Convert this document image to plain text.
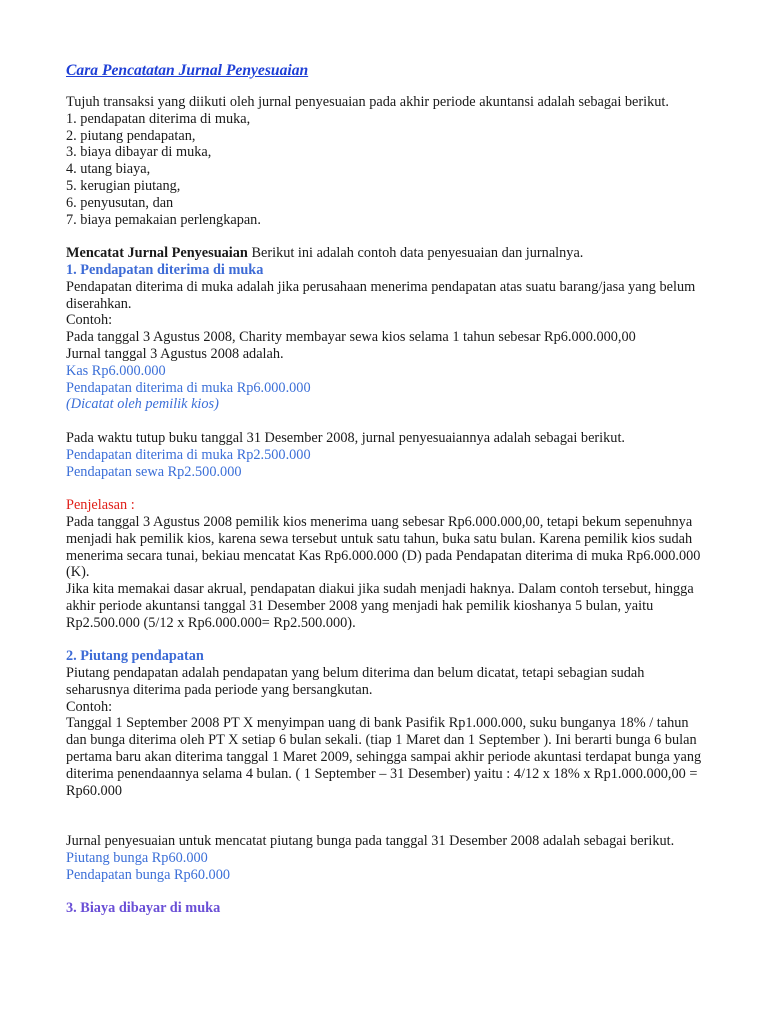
Cara Pencatatan Jurnal Penyesuaian

Tujuh transaksi yang diikuti oleh jurnal penyesuaian pada akhir periode akuntansi adalah sebagai berikut.

1. pendapatan diterima di muka,
2. piutang pendapatan,
3. biaya dibayar di muka,
4. utang biaya,
5. kerugian piutang,
6. penyusutan, dan
7. biaya pemakaian perlengkapan.

Mencatat Jurnal Penyesuaian Berikut ini adalah contoh data penyesuaian dan jurnalnya.

1. Pendapatan diterima di muka

Pendapatan diterima di muka adalah jika perusahaan menerima pendapatan atas suatu barang/jasa yang belum diserahkan.

Contoh:

Pada tanggal 3 Agustus 2008, Charity membayar sewa kios selama 1 tahun sebesar Rp6.000.000,00

Jurnal tanggal 3 Agustus 2008 adalah.

Kas Rp6.000.000

Pendapatan diterima di muka Rp6.000.000

(Dicatat oleh pemilik kios)

Pada waktu tutup buku tanggal 31 Desember 2008, jurnal penyesuaiannya adalah sebagai berikut.

Pendapatan diterima di muka Rp2.500.000

Pendapatan sewa Rp2.500.000

Penjelasan :

Pada tanggal 3 Agustus 2008 pemilik kios menerima uang sebesar Rp6.000.000,00, tetapi bekum sepenuhnya menjadi hak pemilik kios, karena sewa tersebut untuk satu tahun, buka satu bulan. Karena pemilik kios sudah menerima secara tunai, bekiau mencatat Kas Rp6.000.000 (D) pada Pendapatan diterima di muka Rp6.000.000 (K).

Jika kita memakai dasar akrual, pendapatan diakui jika sudah menjadi haknya. Dalam contoh tersebut, hingga akhir periode akuntansi tanggal 31 Desember 2008 yang menjadi hak pemilik kioshanya 5 bulan, yaitu Rp2.500.000 (5/12 x Rp6.000.000= Rp2.500.000).

2. Piutang pendapatan

Piutang pendapatan adalah pendapatan yang belum diterima dan belum dicatat, tetapi sebagian sudah seharusnya diterima pada periode yang bersangkutan.

Contoh:

Tanggal 1 September 2008 PT X menyimpan uang di bank Pasifik Rp1.000.000, suku bunganya 18% / tahun dan bunga diterima oleh PT X setiap 6 bulan sekali. (tiap 1 Maret dan 1 September ). Ini berarti bunga 6 bulan pertama baru akan diterima tanggal 1 Maret 2009, sehingga sampai akhir periode akuntasi terdapat bunga yang diterima penendaannya selama 4 bulan. ( 1 September – 31 Desember) yaitu : 4/12 x 18% x Rp1.000.000,00 = Rp60.000

Jurnal penyesuaian untuk mencatat piutang bunga pada tanggal 31 Desember 2008 adalah sebagai berikut.

Piutang bunga Rp60.000

Pendapatan bunga Rp60.000

3. Biaya dibayar di muka
